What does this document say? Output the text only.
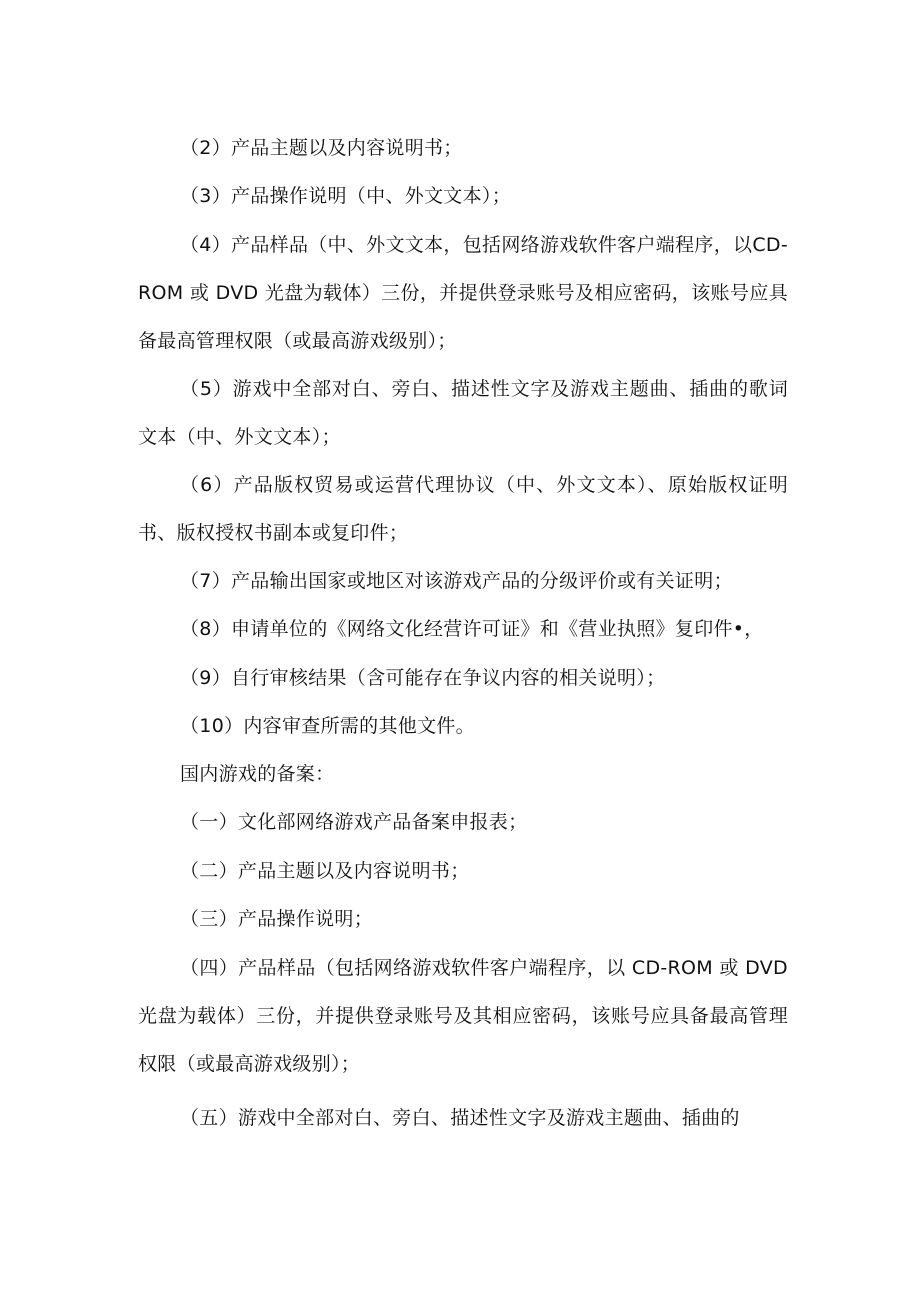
（2）产品主题以及内容说明书；

（3）产品操作说明（中、外文文本）；

（4）产品样品（中、外文文本，包括网络游戏软件客户端程序，以CD-ROM 或 DVD 光盘为载体）三份，并提供登录账号及相应密码，该账号应具备最高管理权限（或最高游戏级别）；

（5）游戏中全部对白、旁白、描述性文字及游戏主题曲、插曲的歌词文本（中、外文文本）；

（6）产品版权贸易或运营代理协议（中、外文文本）、原始版权证明书、版权授权书副本或复印件；

（7）产品输出国家或地区对该游戏产品的分级评价或有关证明；

（8）申请单位的《网络文化经营许可证》和《营业执照》复印件•，

（9）自行审核结果（含可能存在争议内容的相关说明）；

（10）内容审查所需的其他文件。

国内游戏的备案：

（一）文化部网络游戏产品备案申报表；

（二）产品主题以及内容说明书；

（三）产品操作说明；

（四）产品样品（包括网络游戏软件客户端程序，以 CD-ROM 或 DVD 光盘为载体）三份，并提供登录账号及其相应密码，该账号应具备最高管理权限（或最高游戏级别）；

（五）游戏中全部对白、旁白、描述性文字及游戏主题曲、插曲的
